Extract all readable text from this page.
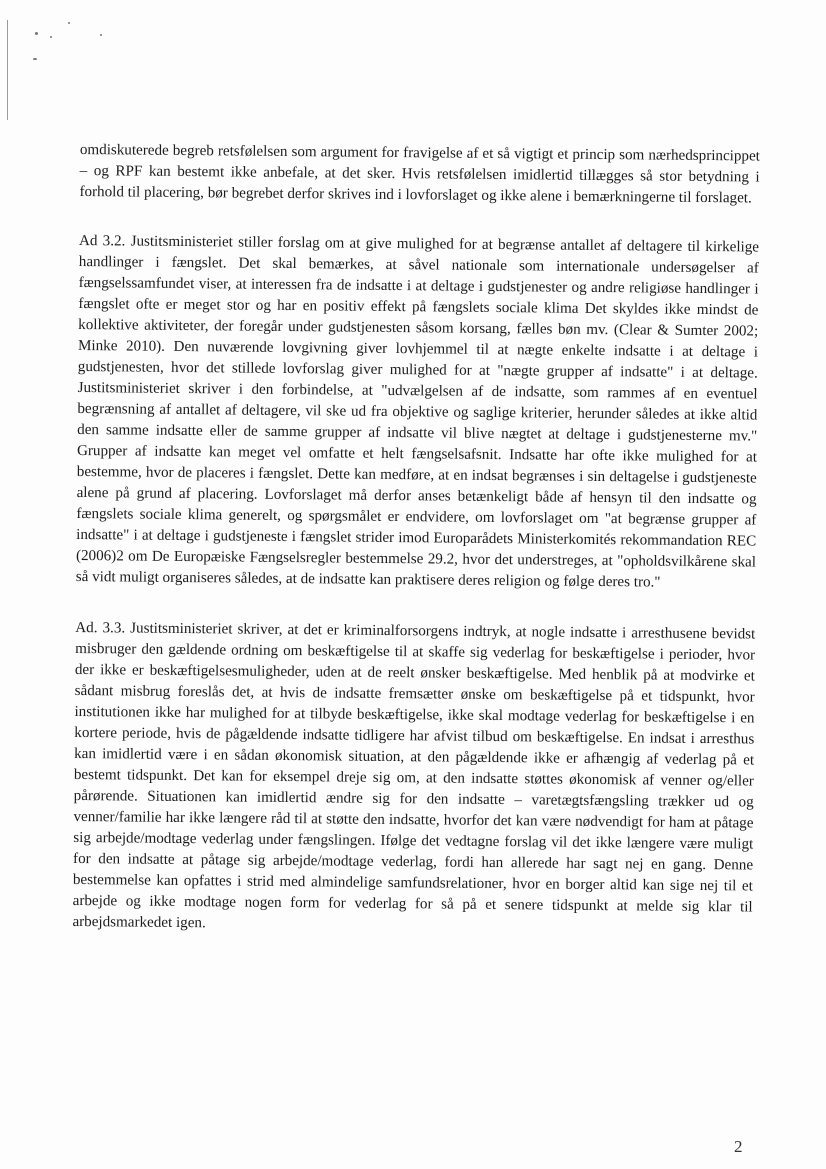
omdiskuterede begreb retsfølelsen som argument for fravigelse af et så vigtigt et princip som nærhedsprincippet – og RPF kan bestemt ikke anbefale, at det sker. Hvis retsfølelsen imidlertid tillægges så stor betydning i forhold til placering, bør begrebet derfor skrives ind i lovforslaget og ikke alene i bemærkningerne til forslaget.

Ad 3.2. Justitsministeriet stiller forslag om at give mulighed for at begrænse antallet af deltagere til kirkelige handlinger i fængslet. Det skal bemærkes, at såvel nationale som internationale undersøgelser af fængselssamfundet viser, at interessen fra de indsatte i at deltage i gudstjenester og andre religiøse handlinger i fængslet ofte er meget stor og har en positiv effekt på fængslets sociale klima Det skyldes ikke mindst de kollektive aktiviteter, der foregår under gudstjenesten såsom korsang, fælles bøn mv. (Clear & Sumter 2002; Minke 2010). Den nuværende lovgivning giver lovhjemmel til at nægte enkelte indsatte i at deltage i gudstjenesten, hvor det stillede lovforslag giver mulighed for at "nægte grupper af indsatte" i at deltage. Justitsministeriet skriver i den forbindelse, at "udvælgelsen af de indsatte, som rammes af en eventuel begrænsning af antallet af deltagere, vil ske ud fra objektive og saglige kriterier, herunder således at ikke altid den samme indsatte eller de samme grupper af indsatte vil blive nægtet at deltage i gudstjenesterne mv." Grupper af indsatte kan meget vel omfatte et helt fængselsafsnit. Indsatte har ofte ikke mulighed for at bestemme, hvor de placeres i fængslet. Dette kan medføre, at en indsat begrænses i sin deltagelse i gudstjeneste alene på grund af placering. Lovforslaget må derfor anses betænkeligt både af hensyn til den indsatte og fængslets sociale klima generelt, og spørgsmålet er endvidere, om lovforslaget om "at begrænse grupper af indsatte" i at deltage i gudstjeneste i fængslet strider imod Europarådets Ministerkomités rekommandation REC (2006)2 om De Europæiske Fængselsregler bestemmelse 29.2, hvor det understreges, at "opholdsvilkårene skal så vidt muligt organiseres således, at de indsatte kan praktisere deres religion og følge deres tro."

Ad. 3.3. Justitsministeriet skriver, at det er kriminalforsorgens indtryk, at nogle indsatte i arresthusene bevidst misbruger den gældende ordning om beskæftigelse til at skaffe sig vederlag for beskæftigelse i perioder, hvor der ikke er beskæftigelsesmuligheder, uden at de reelt ønsker beskæftigelse. Med henblik på at modvirke et sådant misbrug foreslås det, at hvis de indsatte fremsætter ønske om beskæftigelse på et tidspunkt, hvor institutionen ikke har mulighed for at tilbyde beskæftigelse, ikke skal modtage vederlag for beskæftigelse i en kortere periode, hvis de pågældende indsatte tidligere har afvist tilbud om beskæftigelse. En indsat i arresthus kan imidlertid være i en sådan økonomisk situation, at den pågældende ikke er afhængig af vederlag på et bestemt tidspunkt. Det kan for eksempel dreje sig om, at den indsatte støttes økonomisk af venner og/eller pårørende. Situationen kan imidlertid ændre sig for den indsatte – varetægtsfængsling trækker ud og venner/familie har ikke længere råd til at støtte den indsatte, hvorfor det kan være nødvendigt for ham at påtage sig arbejde/modtage vederlag under fængslingen. Ifølge det vedtagne forslag vil det ikke længere være muligt for den indsatte at påtage sig arbejde/modtage vederlag, fordi han allerede har sagt nej en gang. Denne bestemmelse kan opfattes i strid med almindelige samfundsrelationer, hvor en borger altid kan sige nej til et arbejde og ikke modtage nogen form for vederlag for så på et senere tidspunkt at melde sig klar til arbejdsmarkedet igen.

2
